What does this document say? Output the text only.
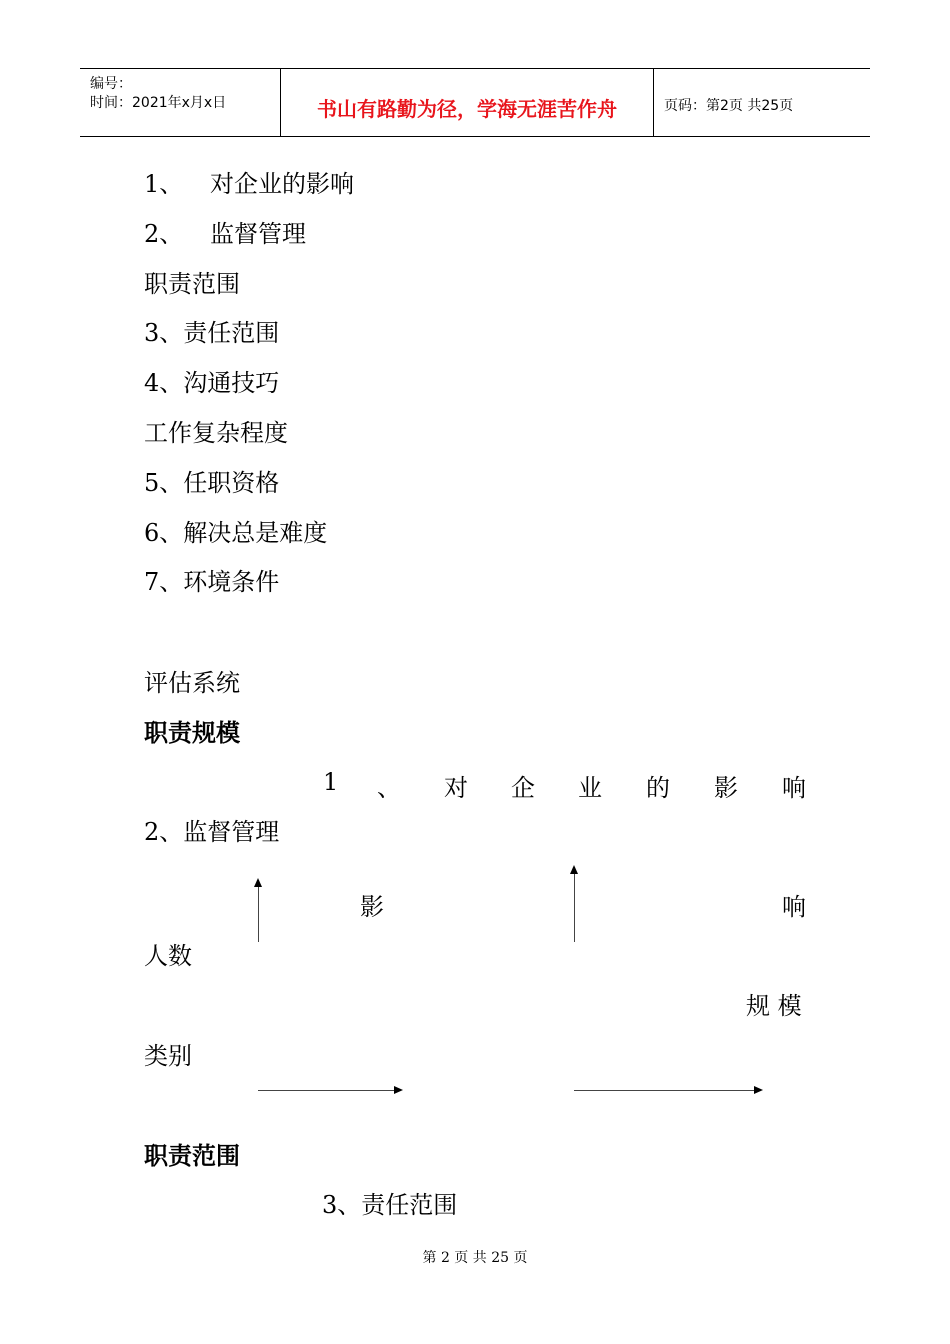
编号：
时间：2021年x月x日	书山有路勤为径，学海无涯苦作舟	页码：第2页 共25页
1、 对企业的影响
2、 监督管理
职责范围
3、责任范围
4、沟通技巧
工作复杂程度
5、任职资格
6、解决总是难度
7、环境条件
评估系统
职责规模
1 、 对 企 业 的 影 响
2、监督管理
影	响
人数
规 模
类别
职责范围
3、责任范围
第 2 页 共 25 页
